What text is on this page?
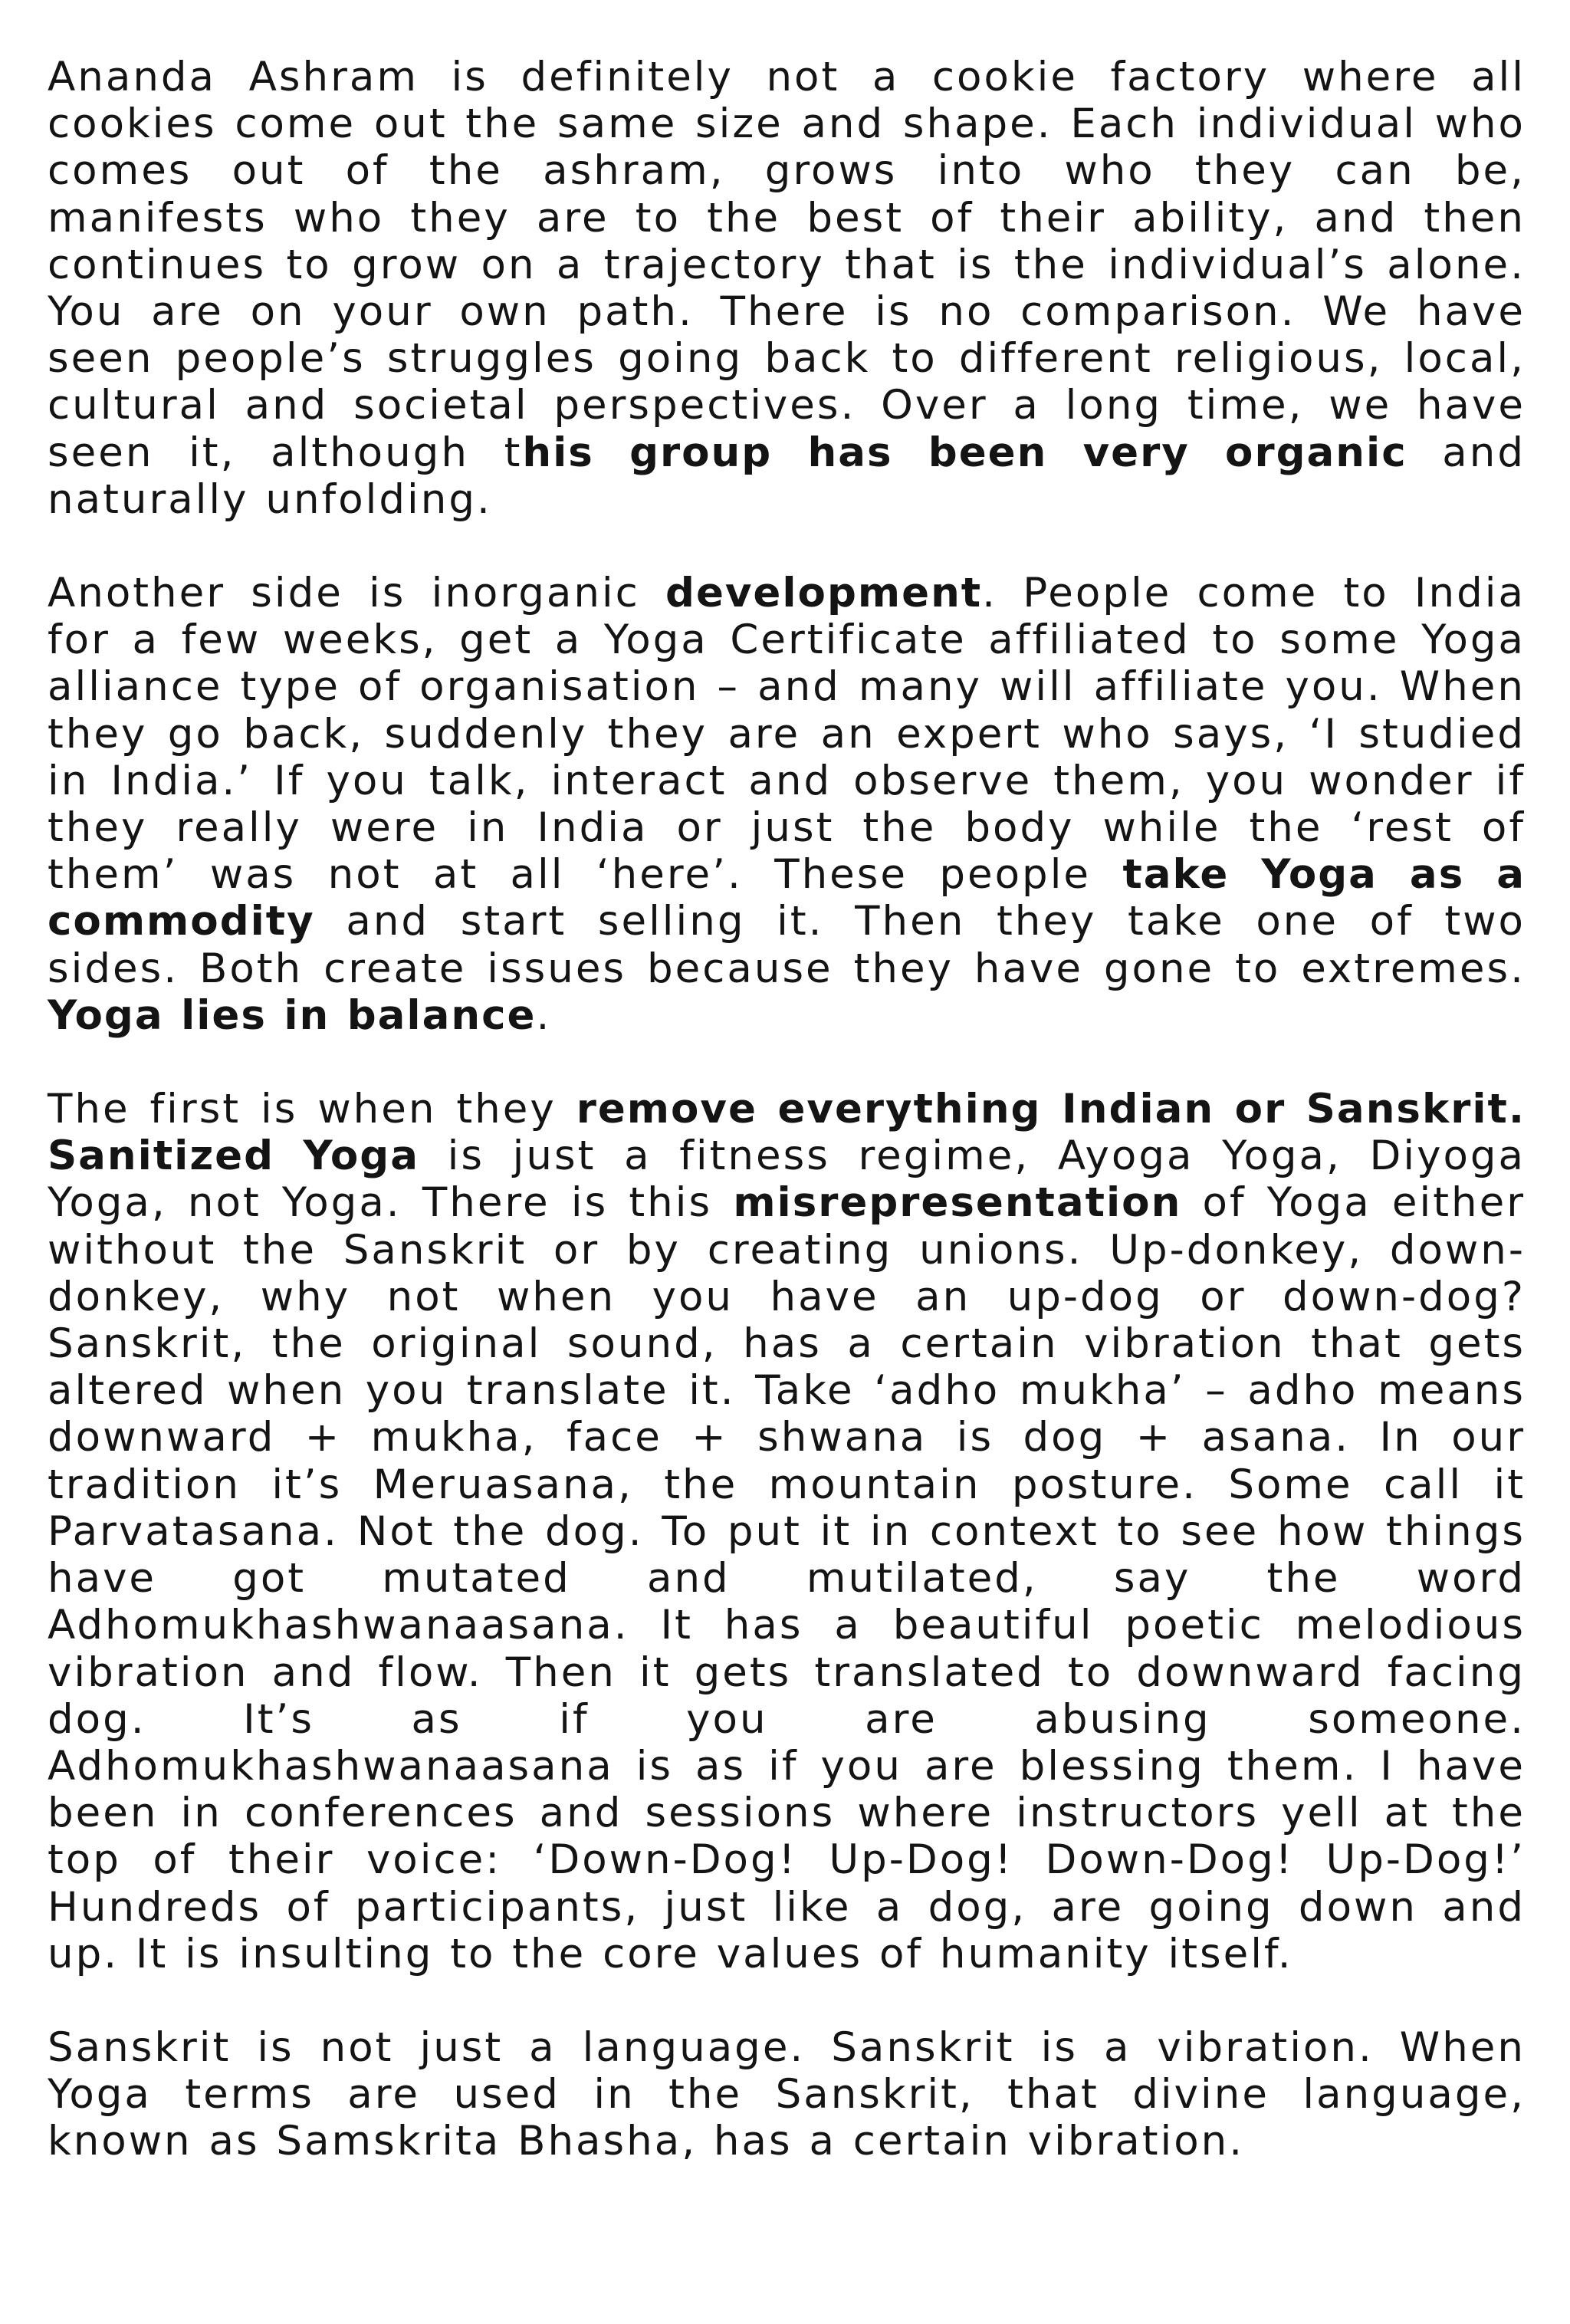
Ananda Ashram is definitely not a cookie factory where all cookies come out the same size and shape. Each individual who comes out of the ashram, grows into who they can be, manifests who they are to the best of their ability, and then continues to grow on a trajectory that is the individual’s alone. You are on your own path. There is no comparison. We have seen people’s struggles going back to different religious, local, cultural and societal perspectives. Over a long time, we have seen it, although this group has been very organic and naturally unfolding.

Another side is inorganic development. People come to India for a few weeks, get a Yoga Certificate affiliated to some Yoga alliance type of organisation – and many will affiliate you. When they go back, suddenly they are an expert who says, ‘I studied in India.’ If you talk, interact and observe them, you wonder if they really were in India or just the body while the ‘rest of them’ was not at all ‘here’. These people take Yoga as a commodity and start selling it. Then they take one of two sides. Both create issues because they have gone to extremes. Yoga lies in balance.

The first is when they remove everything Indian or Sanskrit. Sanitized Yoga is just a fitness regime, Ayoga Yoga, Diyoga Yoga, not Yoga. There is this misrepresentation of Yoga either without the Sanskrit or by creating unions. Up-donkey, down-donkey, why not when you have an up-dog or down-dog? Sanskrit, the original sound, has a certain vibration that gets altered when you translate it. Take ‘adho mukha’ – adho means downward + mukha, face + shwana is dog + asana. In our tradition it’s Meruasana, the mountain posture. Some call it Parvatasana. Not the dog. To put it in context to see how things have got mutated and mutilated, say the word Adhomukhashwanaasana. It has a beautiful poetic melodious vibration and flow. Then it gets translated to downward facing dog. It’s as if you are abusing someone. Adhomukhashwanaasana is as if you are blessing them. I have been in conferences and sessions where instructors yell at the top of their voice: ‘Down-Dog! Up-Dog! Down-Dog! Up-Dog!’ Hundreds of participants, just like a dog, are going down and up. It is insulting to the core values of humanity itself.

Sanskrit is not just a language. Sanskrit is a vibration. When Yoga terms are used in the Sanskrit, that divine language, known as Samskrita Bhasha, has a certain vibration.
